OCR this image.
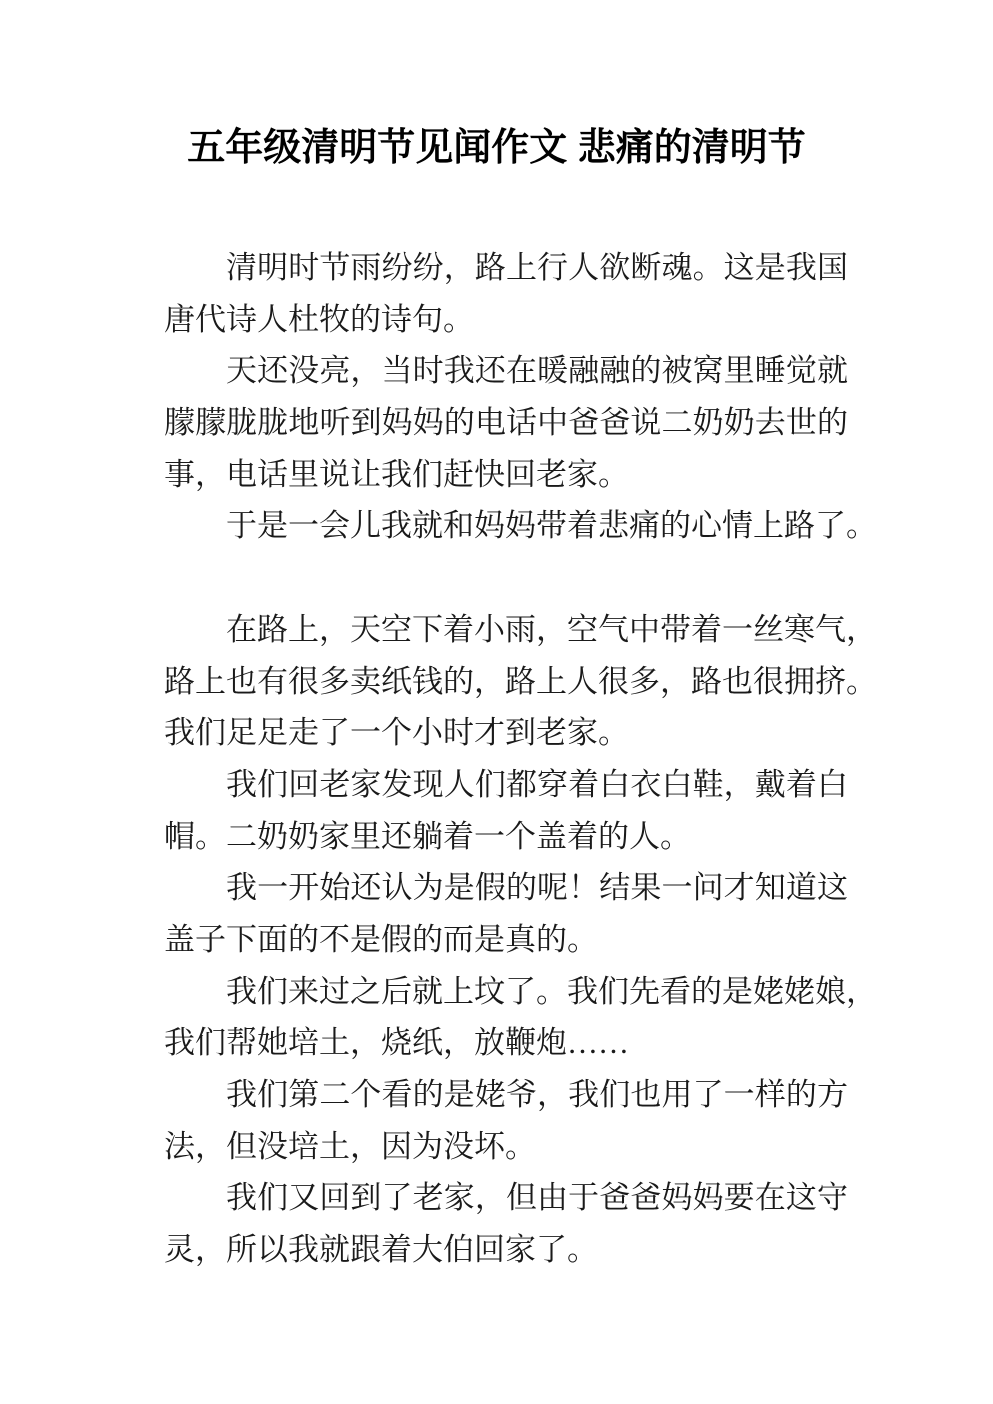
五年级清明节见闻作文 悲痛的清明节

清明时节雨纷纷，路上行人欲断魂。这是我国
唐代诗人杜牧的诗句。

天还没亮，当时我还在暖融融的被窝里睡觉就
朦朦胧胧地听到妈妈的电话中爸爸说二奶奶去世的
事，电话里说让我们赶快回老家。

于是一会儿我就和妈妈带着悲痛的心情上路了。

在路上，天空下着小雨，空气中带着一丝寒气，
路上也有很多卖纸钱的，路上人很多，路也很拥挤。
我们足足走了一个小时才到老家。

我们回老家发现人们都穿着白衣白鞋，戴着白
帽。二奶奶家里还躺着一个盖着的人。

我一开始还认为是假的呢！结果一问才知道这
盖子下面的不是假的而是真的。

我们来过之后就上坟了。我们先看的是姥姥娘，
我们帮她培土，烧纸，放鞭炮……

我们第二个看的是姥爷，我们也用了一样的方
法，但没培土，因为没坏。

我们又回到了老家，但由于爸爸妈妈要在这守
灵，所以我就跟着大伯回家了。
